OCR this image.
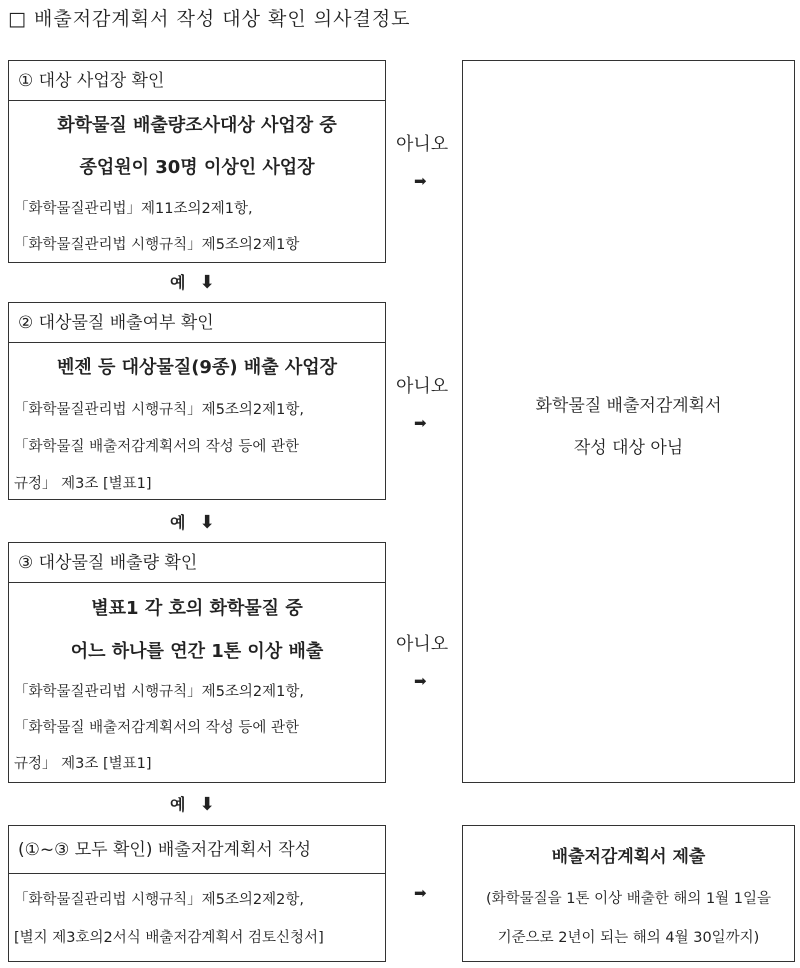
□ 배출저감계획서 작성 대상 확인 의사결정도
① 대상 사업장 확인
화학물질 배출량조사대상 사업장 중
종업원이 30명 이상인 사업장
「화학물질관리법」제11조의2제1항,
「화학물질관리법 시행규칙」제5조의2제1항
아니오
➡
예 ⬇
② 대상물질 배출여부 확인
벤젠 등 대상물질(9종) 배출 사업장
「화학물질관리법 시행규칙」제5조의2제1항,
「화학물질 배출저감계획서의 작성 등에 관한
규정」 제3조 [별표1]
아니오
➡
예 ⬇
③ 대상물질 배출량 확인
별표1 각 호의 화학물질 중
어느 하나를 연간 1톤 이상 배출
「화학물질관리법 시행규칙」제5조의2제1항,
「화학물질 배출저감계획서의 작성 등에 관한
규정」 제3조 [별표1]
아니오
➡
예 ⬇
(①~③ 모두 확인) 배출저감계획서 작성
「화학물질관리법 시행규칙」제5조의2제2항,
[별지 제3호의2서식 배출저감계획서 검토신청서]
➡
화학물질 배출저감계획서
작성 대상 아님
배출저감계획서 제출
(화학물질을 1톤 이상 배출한 해의 1월 1일을
기준으로 2년이 되는 해의 4월 30일까지)
